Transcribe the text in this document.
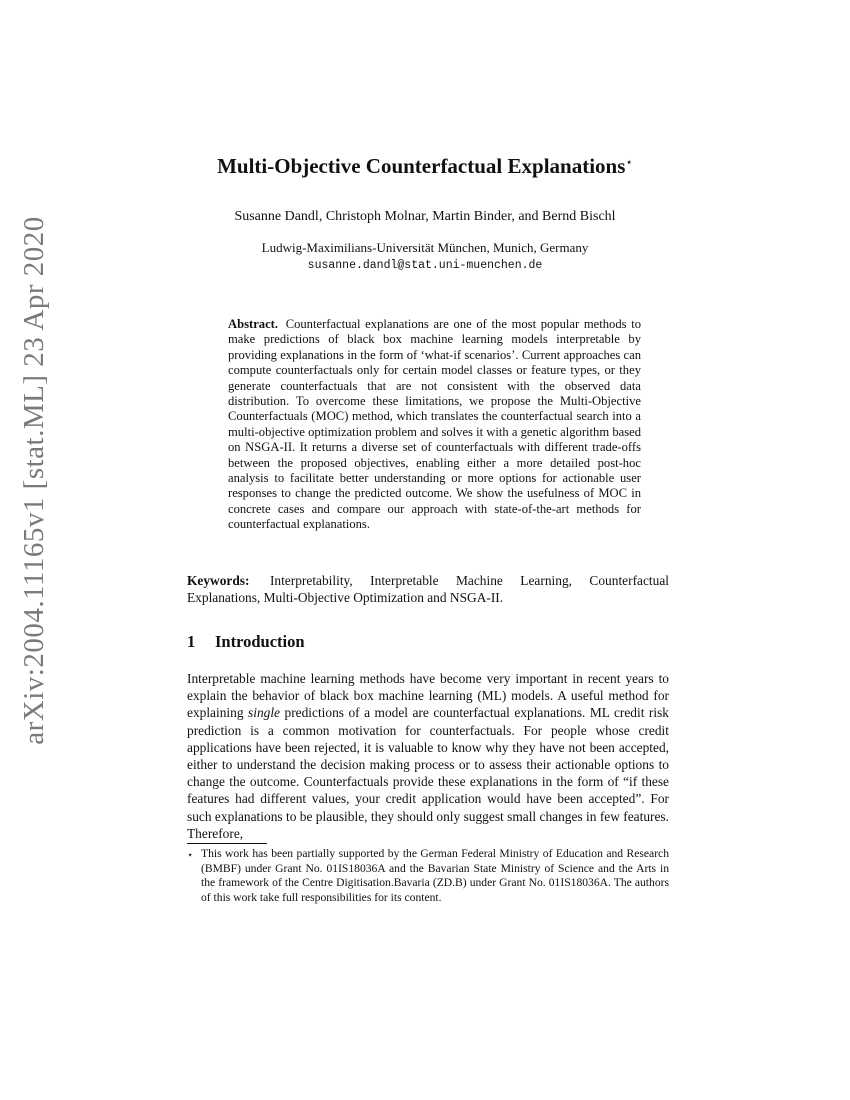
arXiv:2004.11165v1 [stat.ML] 23 Apr 2020
Multi-Objective Counterfactual Explanations⋆
Susanne Dandl, Christoph Molnar, Martin Binder, and Bernd Bischl
Ludwig-Maximilians-Universität München, Munich, Germany
susanne.dandl@stat.uni-muenchen.de
Abstract. Counterfactual explanations are one of the most popular methods to make predictions of black box machine learning models interpretable by providing explanations in the form of ‘what-if scenarios’. Current approaches can compute counterfactuals only for certain model classes or feature types, or they generate counterfactuals that are not consistent with the observed data distribution. To overcome these limitations, we propose the Multi-Objective Counterfactuals (MOC) method, which translates the counterfactual search into a multi-objective optimization problem and solves it with a genetic algorithm based on NSGA-II. It returns a diverse set of counterfactuals with different trade-offs between the proposed objectives, enabling either a more detailed post-hoc analysis to facilitate better understanding or more options for actionable user responses to change the predicted outcome. We show the usefulness of MOC in concrete cases and compare our approach with state-of-the-art methods for counterfactual explanations.
Keywords: Interpretability, Interpretable Machine Learning, Counterfactual Explanations, Multi-Objective Optimization and NSGA-II.
1 Introduction
Interpretable machine learning methods have become very important in recent years to explain the behavior of black box machine learning (ML) models. A useful method for explaining single predictions of a model are counterfactual explanations. ML credit risk prediction is a common motivation for counterfactuals. For people whose credit applications have been rejected, it is valuable to know why they have not been accepted, either to understand the decision making process or to assess their actionable options to change the outcome. Counterfactuals provide these explanations in the form of “if these features had different values, your credit application would have been accepted”. For such explanations to be plausible, they should only suggest small changes in few features. Therefore,
⋆ This work has been partially supported by the German Federal Ministry of Education and Research (BMBF) under Grant No. 01IS18036A and the Bavarian State Ministry of Science and the Arts in the framework of the Centre Digitisation.Bavaria (ZD.B) under Grant No. 01IS18036A. The authors of this work take full responsibilities for its content.
